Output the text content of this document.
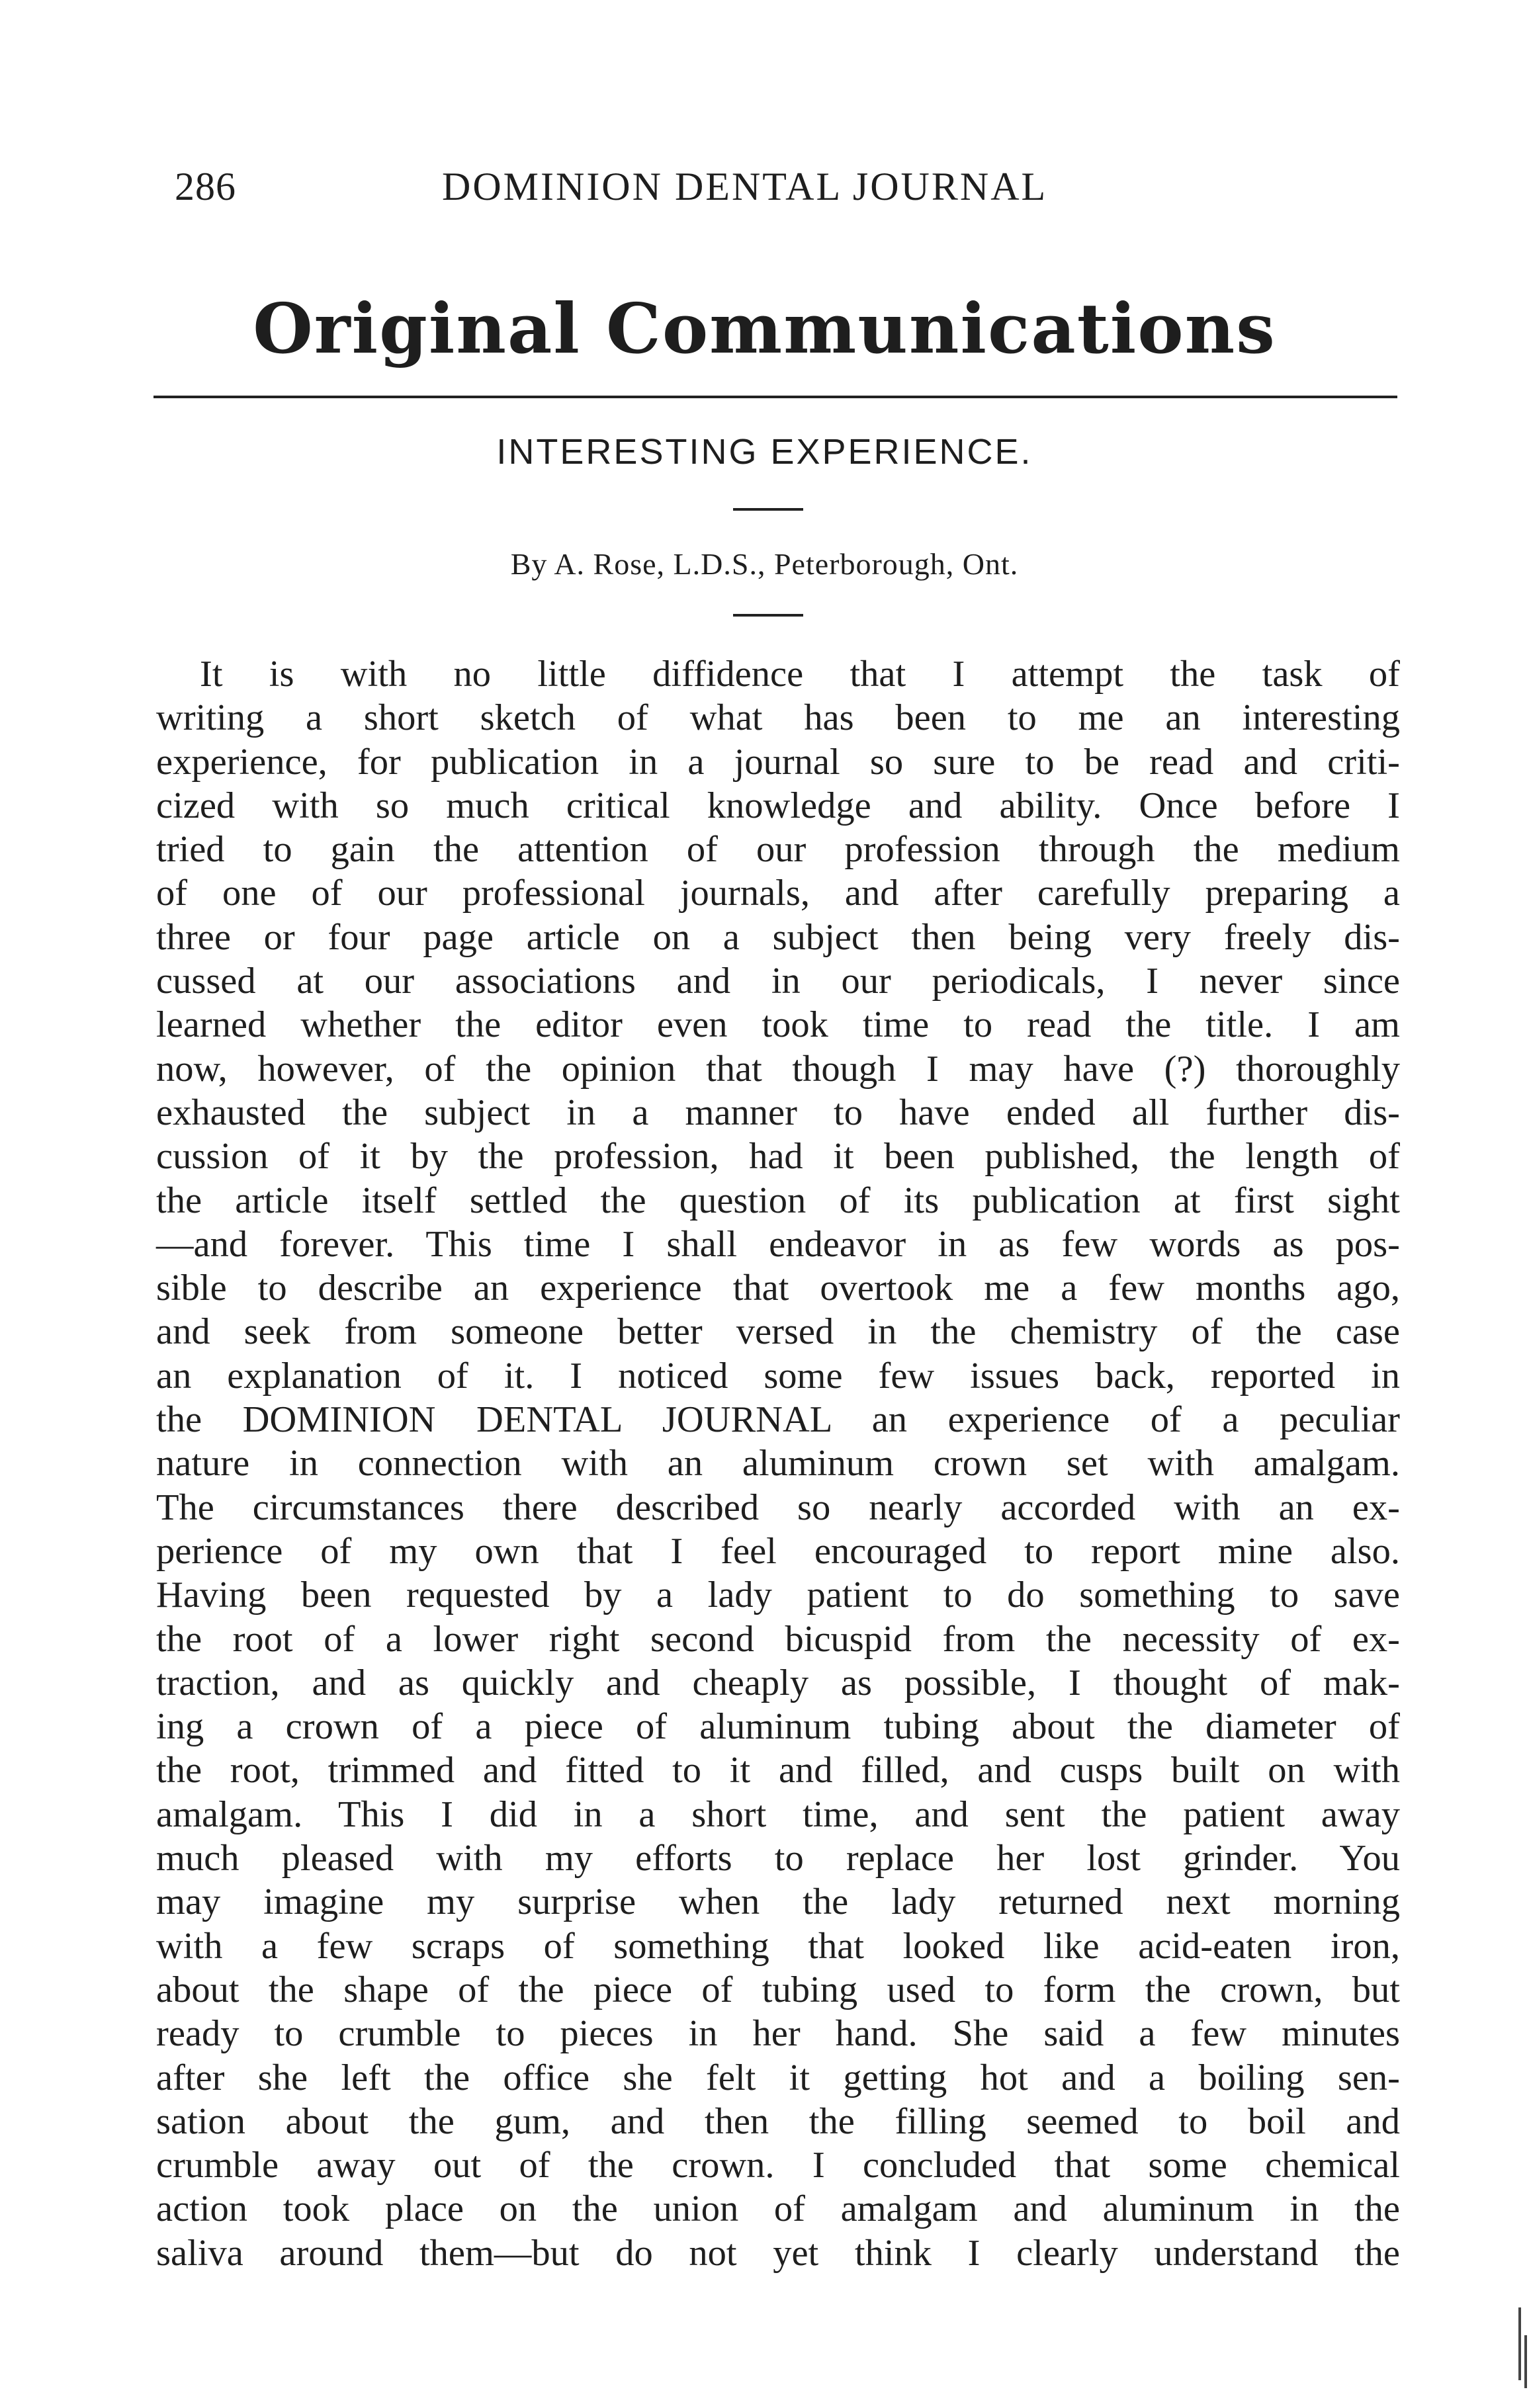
286	DOMINION DENTAL JOURNAL
Original Communications
INTERESTING EXPERIENCE.
By A. Rose, L.D.S., Peterborough, Ont.
It is with no little diffidence that I attempt the task of
writing a short sketch of what has been to me an interesting
experience, for publication in a journal so sure to be read and criti-
cized with so much critical knowledge and ability. Once before I
tried to gain the attention of our profession through the medium
of one of our professional journals, and after carefully preparing a
three or four page article on a subject then being very freely dis-
cussed at our associations and in our periodicals, I never since
learned whether the editor even took time to read the title. I am
now, however, of the opinion that though I may have (?) thoroughly
exhausted the subject in a manner to have ended all further dis-
cussion of it by the profession, had it been published, the length of
the article itself settled the question of its publication at first sight
—and forever. This time I shall endeavor in as few words as pos-
sible to describe an experience that overtook me a few months ago,
and seek from someone better versed in the chemistry of the case
an explanation of it. I noticed some few issues back, reported in
the DOMINION DENTAL JOURNAL an experience of a peculiar
nature in connection with an aluminum crown set with amalgam.
The circumstances there described so nearly accorded with an ex-
perience of my own that I feel encouraged to report mine also.
Having been requested by a lady patient to do something to save
the root of a lower right second bicuspid from the necessity of ex-
traction, and as quickly and cheaply as possible, I thought of mak-
ing a crown of a piece of aluminum tubing about the diameter of
the root, trimmed and fitted to it and filled, and cusps built on with
amalgam. This I did in a short time, and sent the patient away
much pleased with my efforts to replace her lost grinder. You
may imagine my surprise when the lady returned next morning
with a few scraps of something that looked like acid-eaten iron,
about the shape of the piece of tubing used to form the crown, but
ready to crumble to pieces in her hand. She said a few minutes
after she left the office she felt it getting hot and a boiling sen-
sation about the gum, and then the filling seemed to boil and
crumble away out of the crown. I concluded that some chemical
action took place on the union of amalgam and aluminum in the
saliva around them—but do not yet think I clearly understand the
